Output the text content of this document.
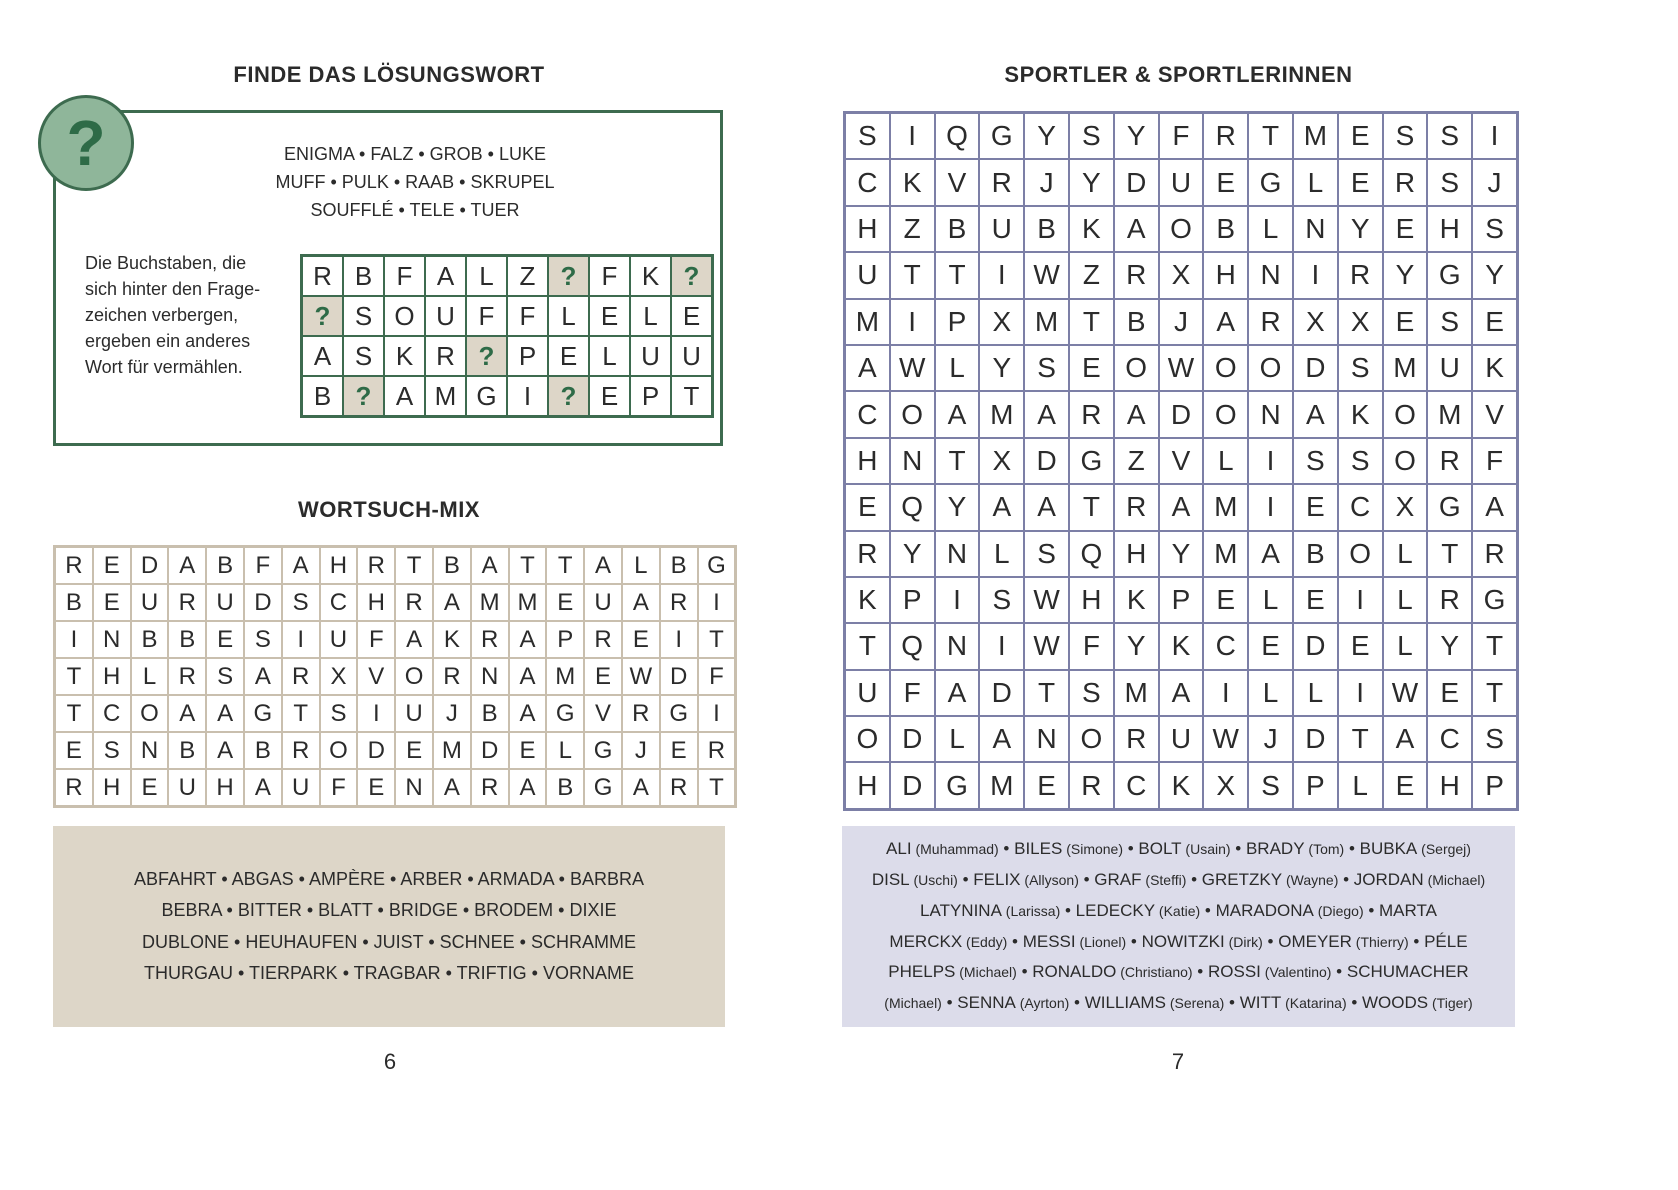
FINDE DAS LÖSUNGSWORT
?	ENIGMA • FALZ • GROB • LUKE
MUFF • PULK • RAAB • SKRUPEL
SOUFFLÉ • TELE • TUER
Die Buchstaben, die
sich hinter den Frage-
zeichen verbergen,
ergeben ein anderes
Wort für vermählen.
R	B	F	A	L	Z	?	F	K	?
?	S	O	U	F	F	L	E	L	E
A	S	K	R	?	P	E	L	U	U
B	?	A	M	G	I	?	E	P	T
WORTSUCH-MIX
R	E	D	A	B	F	A	H	R	T	B	A	T	T	A	L	B	G
B	E	U	R	U	D	S	C	H	R	A	M	M	E	U	A	R	I
I	N	B	B	E	S	I	U	F	A	K	R	A	P	R	E	I	T
T	H	L	R	S	A	R	X	V	O	R	N	A	M	E	W	D	F
T	C	O	A	A	G	T	S	I	U	J	B	A	G	V	R	G	I
E	S	N	B	A	B	R	O	D	E	M	D	E	L	G	J	E	R
R	H	E	U	H	A	U	F	E	N	A	R	A	B	G	A	R	T
ABFAHRT • ABGAS • AMPÈRE • ARBER • ARMADA • BARBRA
BEBRA • BITTER • BLATT • BRIDGE • BRODEM • DIXIE
DUBLONE • HEUHAUFEN • JUIST • SCHNEE • SCHRAMME
THURGAU • TIERPARK • TRAGBAR • TRIFTIG • VORNAME
6
SPORTLER & SPORTLERINNEN
S	I	Q	G	Y	S	Y	F	R	T	M	E	S	S	I
C	K	V	R	J	Y	D	U	E	G	L	E	R	S	J
H	Z	B	U	B	K	A	O	B	L	N	Y	E	H	S
U	T	T	I	W	Z	R	X	H	N	I	R	Y	G	Y
M	I	P	X	M	T	B	J	A	R	X	X	E	S	E
A	W	L	Y	S	E	O	W	O	O	D	S	M	U	K
C	O	A	M	A	R	A	D	O	N	A	K	O	M	V
H	N	T	X	D	G	Z	V	L	I	S	S	O	R	F
E	Q	Y	A	A	T	R	A	M	I	E	C	X	G	A
R	Y	N	L	S	Q	H	Y	M	A	B	O	L	T	R
K	P	I	S	W	H	K	P	E	L	E	I	L	R	G
T	Q	N	I	W	F	Y	K	C	E	D	E	L	Y	T
U	F	A	D	T	S	M	A	I	L	L	I	W	E	T
O	D	L	A	N	O	R	U	W	J	D	T	A	C	S
H	D	G	M	E	R	C	K	X	S	P	L	E	H	P
ALI (Muhammad) • BILES (Simone) • BOLT (Usain) • BRADY (Tom) • BUBKA (Sergej)
DISL (Uschi) • FELIX (Allyson) • GRAF (Steffi) • GRETZKY (Wayne) • JORDAN (Michael)
LATYNINA (Larissa) • LEDECKY (Katie) • MARADONA (Diego) • MARTA
MERCKX (Eddy) • MESSI (Lionel) • NOWITZKI (Dirk) • OMEYER (Thierry) • PÉLE
PHELPS (Michael) • RONALDO (Christiano) • ROSSI (Valentino) • SCHUMACHER
(Michael) • SENNA (Ayrton) • WILLIAMS (Serena) • WITT (Katarina) • WOODS (Tiger)
7
